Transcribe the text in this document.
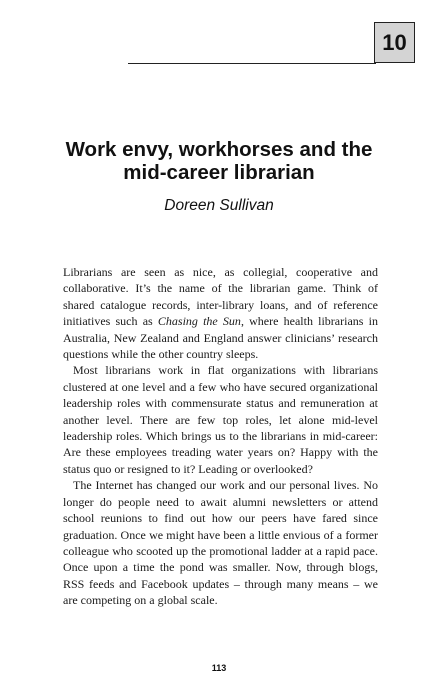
10
Work envy, workhorses and the
mid-career librarian

Doreen Sullivan

Librarians are seen as nice, as collegial, cooperative and collaborative. It’s the name of the librarian game. Think of shared catalogue records, inter-library loans, and of reference initiatives such as Chasing the Sun, where health librarians in Australia, New Zealand and England answer clinicians’ research questions while the other country sleeps.

Most librarians work in flat organizations with librarians clustered at one level and a few who have secured organizational leadership roles with commensurate status and remuneration at another level. There are few top roles, let alone mid-level leadership roles. Which brings us to the librarians in mid-career: Are these employees treading water years on? Happy with the status quo or resigned to it? Leading or overlooked?

The Internet has changed our work and our personal lives. No longer do people need to await alumni newsletters or attend school reunions to find out how our peers have fared since graduation. Once we might have been a little envious of a former colleague who scooted up the promotional ladder at a rapid pace. Once upon a time the pond was smaller. Now, through blogs, RSS feeds and Facebook updates – through many means – we are competing on a global scale.

113
